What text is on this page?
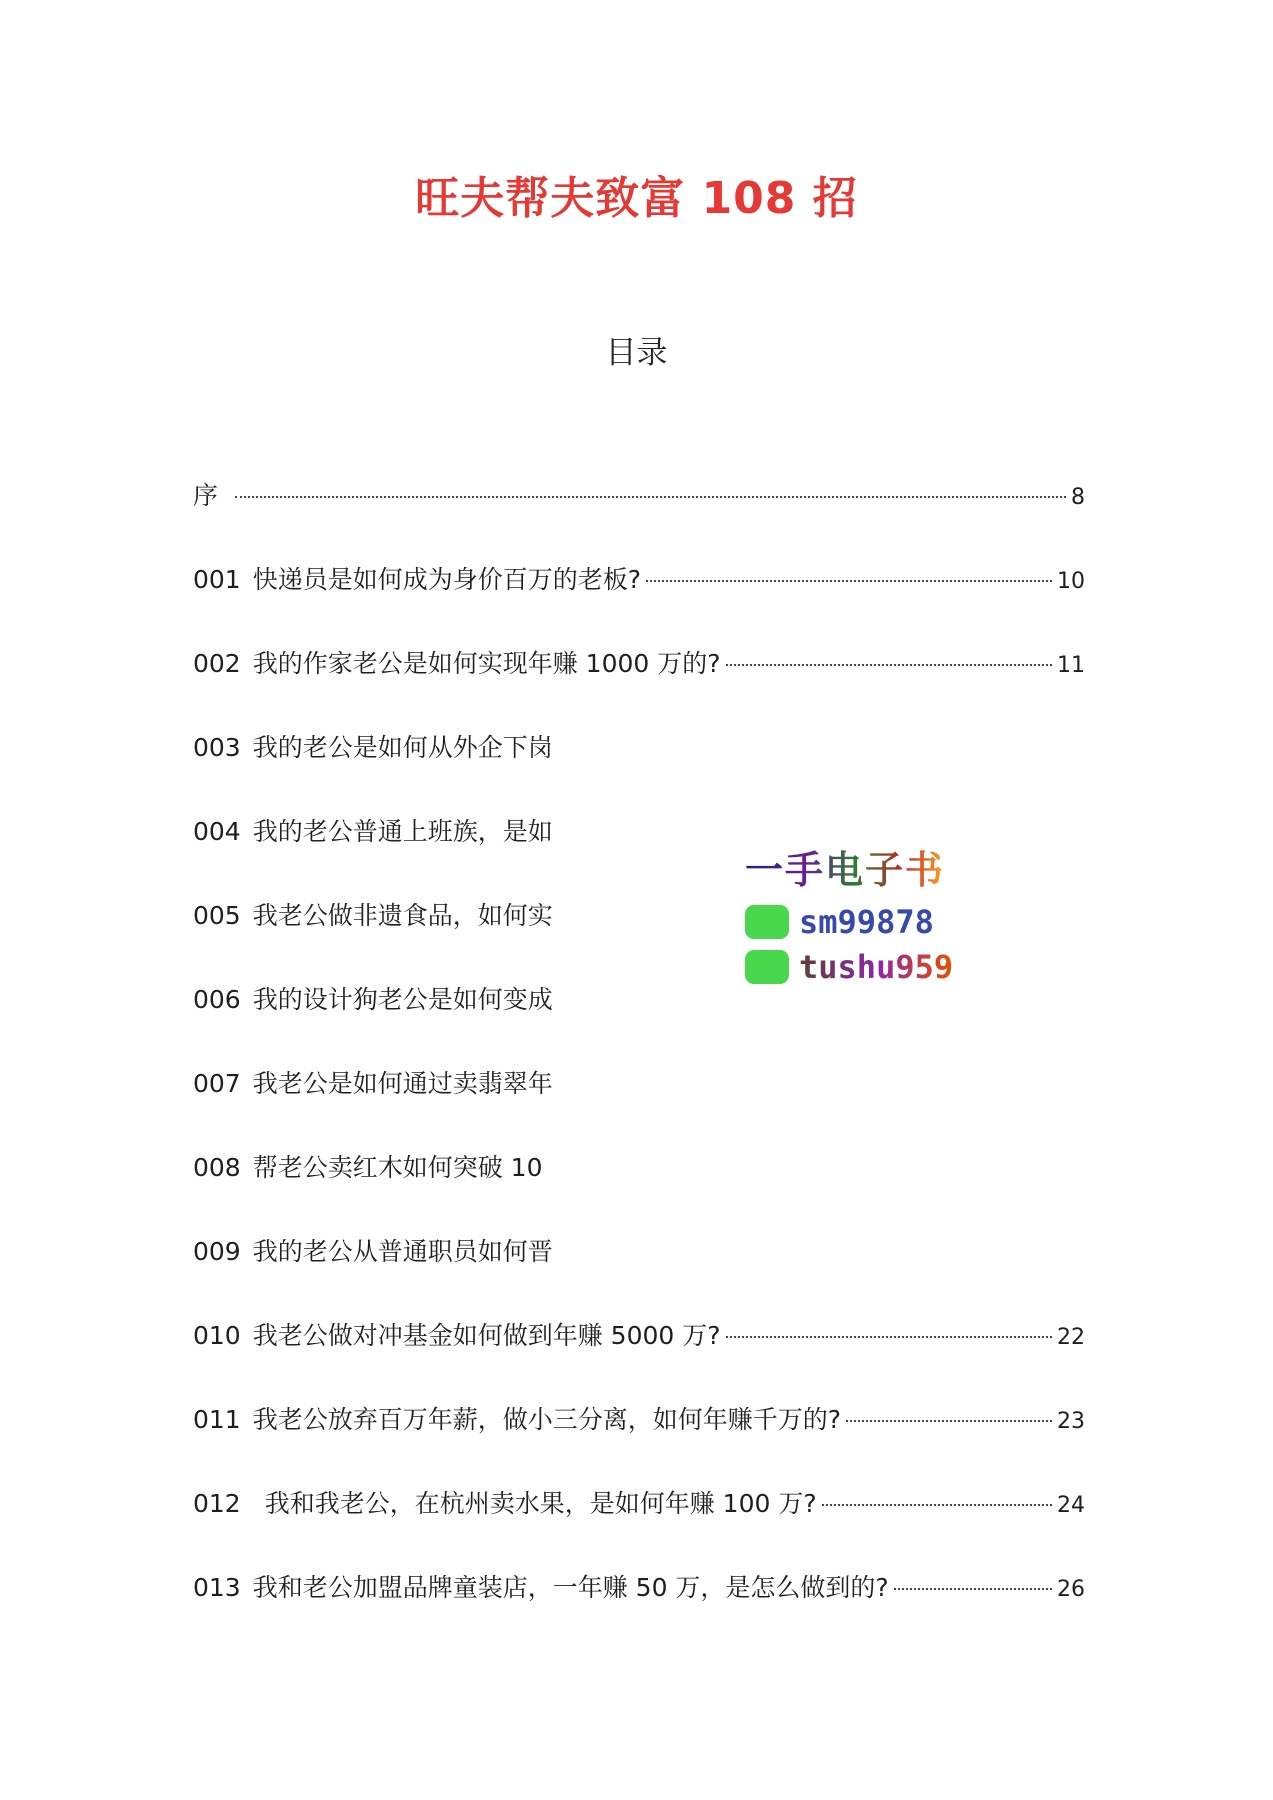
旺夫帮夫致富 108 招
目录
序	8
001 快递员是如何成为身价百万的老板?	10
002 我的作家老公是如何实现年赚 1000 万的?	11
003 我的老公是如何从外企下岗
004 我的老公普通上班族，是如
005 我老公做非遗食品，如何实
006 我的设计狗老公是如何变成
007 我老公是如何通过卖翡翠年
008 帮老公卖红木如何突破 10
009 我的老公从普通职员如何晋
010 我老公做对冲基金如何做到年赚 5000 万?	22
011 我老公放弃百万年薪，做小三分离，如何年赚千万的?	23
012 我和我老公，在杭州卖水果，是如何年赚 100 万?	24
013 我和老公加盟品牌童装店，一年赚 50 万，是怎么做到的?	26
一手电子书
sm99878
tushu959
